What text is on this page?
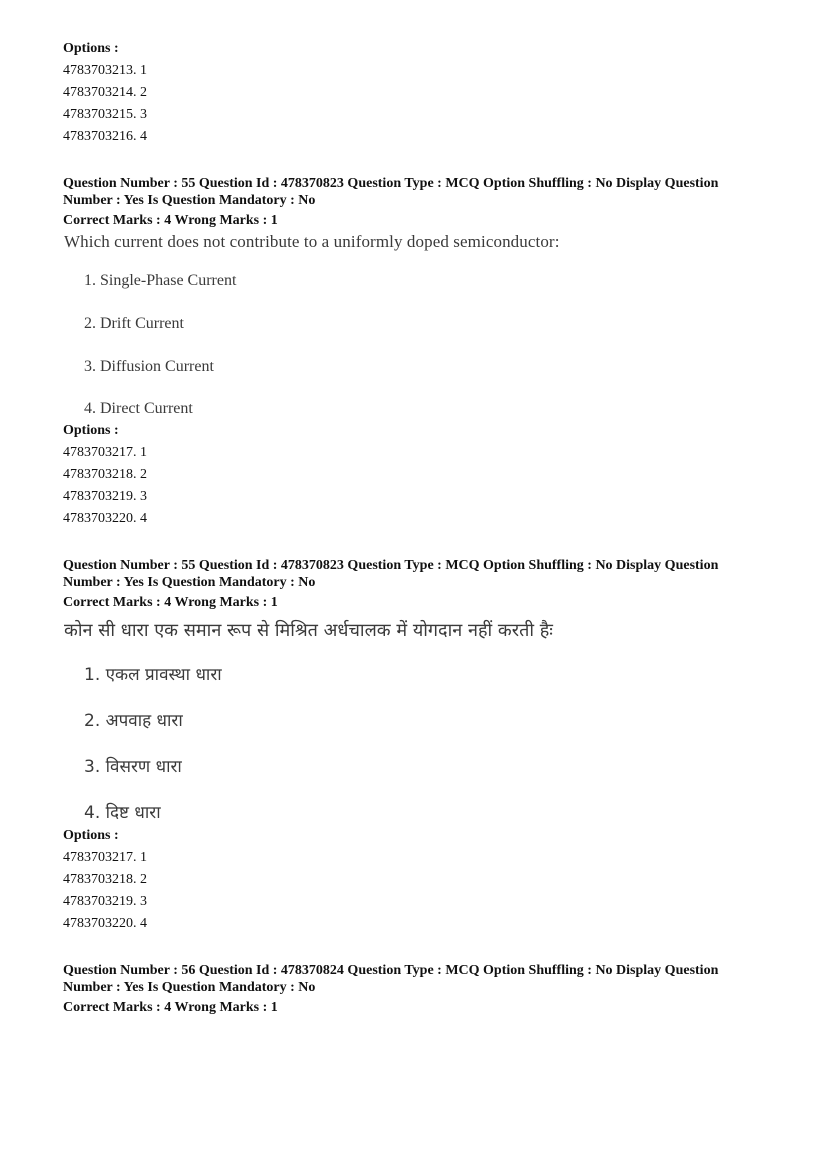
Options :
4783703213. 1
4783703214. 2
4783703215. 3
4783703216. 4
Question Number : 55 Question Id : 478370823 Question Type : MCQ Option Shuffling : No Display Question
Number : Yes Is Question Mandatory : No
Correct Marks : 4 Wrong Marks : 1
Which current does not contribute to a uniformly doped semiconductor:
1. Single-Phase Current
2. Drift Current
3. Diffusion Current
4. Direct Current
Options :
4783703217. 1
4783703218. 2
4783703219. 3
4783703220. 4
Question Number : 55 Question Id : 478370823 Question Type : MCQ Option Shuffling : No Display Question
Number : Yes Is Question Mandatory : No
Correct Marks : 4 Wrong Marks : 1
कोन सी धारा एक समान रूप से मिश्रित अर्धचालक में योगदान नहीं करती हैः
1. एकल प्रावस्था धारा
2. अपवाह धारा
3. विसरण धारा
4. दिष्ट धारा
Options :
4783703217. 1
4783703218. 2
4783703219. 3
4783703220. 4
Question Number : 56 Question Id : 478370824 Question Type : MCQ Option Shuffling : No Display Question
Number : Yes Is Question Mandatory : No
Correct Marks : 4 Wrong Marks : 1
